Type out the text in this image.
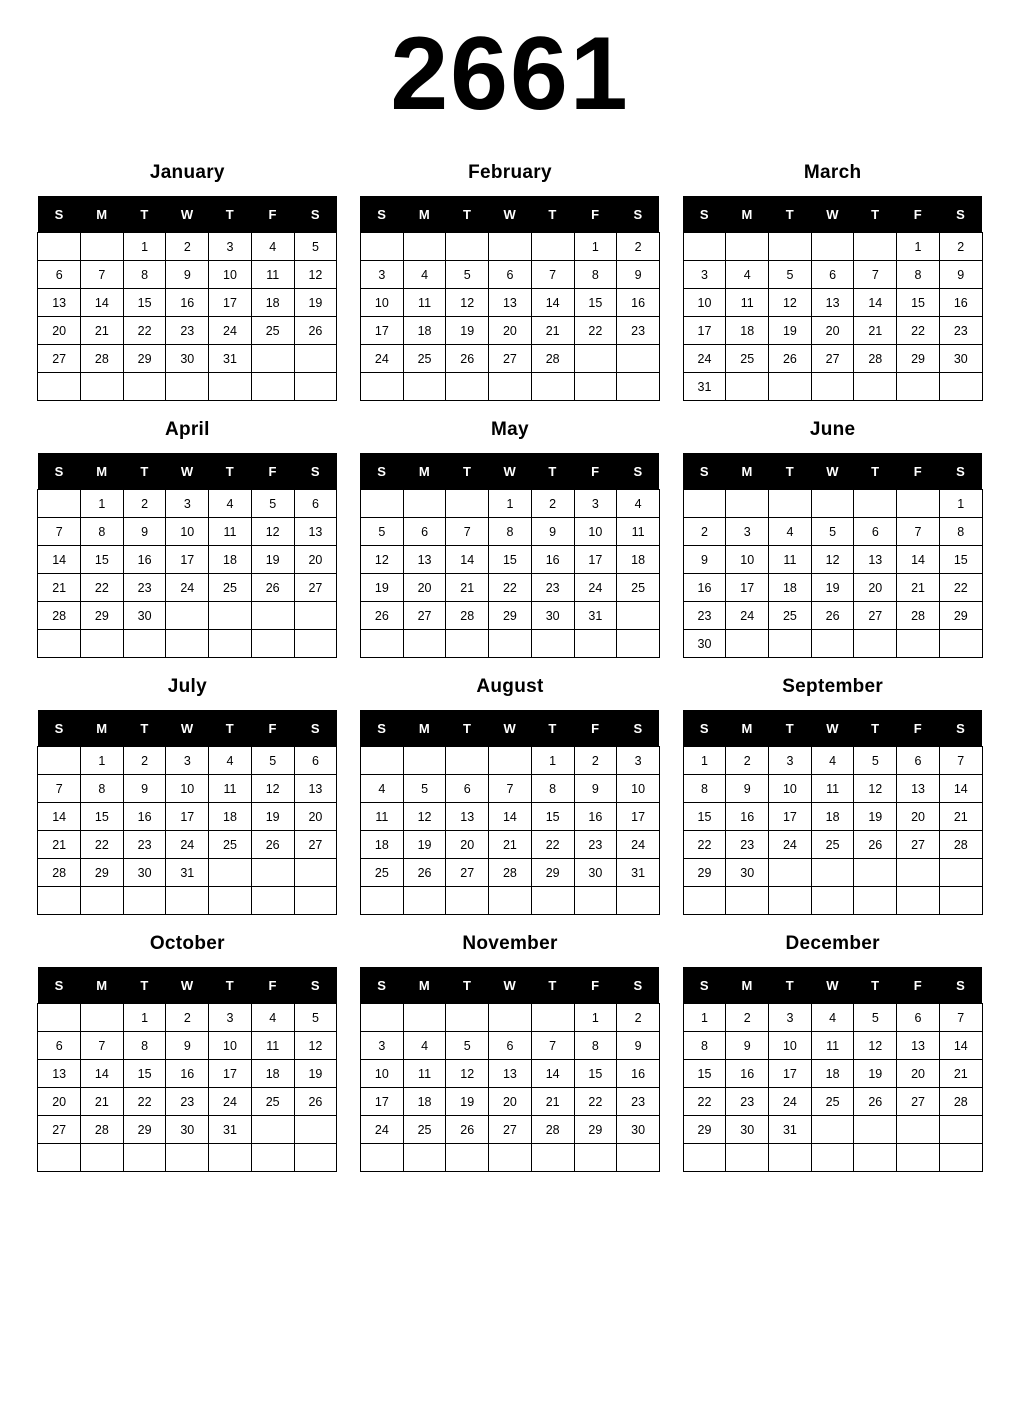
2661
January
S	M	T	W	T	F	S
		1	2	3	4	5
6	7	8	9	10	11	12
13	14	15	16	17	18	19
20	21	22	23	24	25	26
27	28	29	30	31		

February
S	M	T	W	T	F	S
					1	2
3	4	5	6	7	8	9
10	11	12	13	14	15	16
17	18	19	20	21	22	23
24	25	26	27	28		

March
S	M	T	W	T	F	S
					1	2
3	4	5	6	7	8	9
10	11	12	13	14	15	16
17	18	19	20	21	22	23
24	25	26	27	28	29	30
31						
April
S	M	T	W	T	F	S
	1	2	3	4	5	6
7	8	9	10	11	12	13
14	15	16	17	18	19	20
21	22	23	24	25	26	27
28	29	30				

May
S	M	T	W	T	F	S
			1	2	3	4
5	6	7	8	9	10	11
12	13	14	15	16	17	18
19	20	21	22	23	24	25
26	27	28	29	30	31	

June
S	M	T	W	T	F	S
						1
2	3	4	5	6	7	8
9	10	11	12	13	14	15
16	17	18	19	20	21	22
23	24	25	26	27	28	29
30						
July
S	M	T	W	T	F	S
	1	2	3	4	5	6
7	8	9	10	11	12	13
14	15	16	17	18	19	20
21	22	23	24	25	26	27
28	29	30	31			

August
S	M	T	W	T	F	S
				1	2	3
4	5	6	7	8	9	10
11	12	13	14	15	16	17
18	19	20	21	22	23	24
25	26	27	28	29	30	31

September
S	M	T	W	T	F	S
1	2	3	4	5	6	7
8	9	10	11	12	13	14
15	16	17	18	19	20	21
22	23	24	25	26	27	28
29	30					

October
S	M	T	W	T	F	S
		1	2	3	4	5
6	7	8	9	10	11	12
13	14	15	16	17	18	19
20	21	22	23	24	25	26
27	28	29	30	31		

November
S	M	T	W	T	F	S
					1	2
3	4	5	6	7	8	9
10	11	12	13	14	15	16
17	18	19	20	21	22	23
24	25	26	27	28	29	30

December
S	M	T	W	T	F	S
1	2	3	4	5	6	7
8	9	10	11	12	13	14
15	16	17	18	19	20	21
22	23	24	25	26	27	28
29	30	31				
